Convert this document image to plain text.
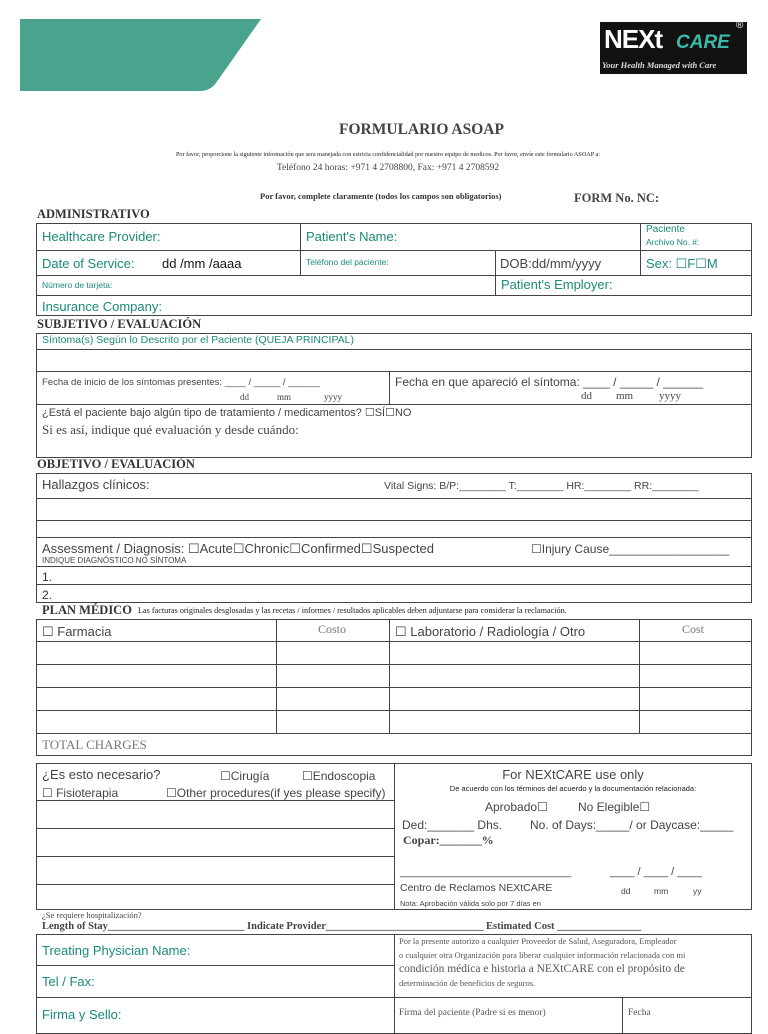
NEXt CARE
®
Your Health Managed with Care
FORMULARIO ASOAP
Por favor, proporcione la siguiente información que sera manejada con estricta confidencialidad por nuestro equipo de medicos. Por favor, envíe este formulario ASOAP a:
Teléfono 24 horas: +971 4 2708800, Fax: +971 4 2708592
Por favor, complete claramente (todos los campos son obligatorios)	FORM No. NC:
ADMINISTRATIVO
Healthcare Provider:	Patient's Name:	Paciente
Archivo No. #:
Date of Service: dd /mm /aaaa	Teléfono del paciente:	DOB:dd/mm/yyyy	Sex: ☐F☐M
Número de tarjeta:	Patient's Employer:
Insurance Company:
SUBJETIVO / EVALUACIÓN
Síntoma(s) Según lo Descrito por el Paciente (QUEJA PRINCIPAL)
Fecha de inicio de los síntomas presentes: ____ / _____ / ______
dd	mm	yyyy
Fecha en que apareció el síntoma: ____ / _____ / ______
dd mm yyyy
¿Está el paciente bajo algún tipo de tratamiento / medicamentos? ☐SÍ☐NO
Si es así, indique qué evaluación y desde cuándo:
OBJETIVO / EVALUACIÓN
Hallazgos clínicos:	Vital Signs: B/P:________ T:________ HR:________ RR:________
Assessment / Diagnosis: ☐Acute☐Chronic☐Confirmed☐Suspected	☐Injury Cause__________________
INDIQUE DIAGNÓSTICO NO SÍNTOMA
1.
2.
PLAN MÉDICO Las facturas originales desglosadas y las recetas / informes / resultados aplicables deben adjuntarse para considerar la reclamación.
☐ Farmacia	Costo	☐ Laboratorio / Radiología / Otro	Cost
TOTAL CHARGES
¿Es esto necesario?	☐Cirugía	☐Endoscopia
☐ Fisioterapia	☐Other procedures(if yes please specify)
For NEXtCARE use only
De acuerdo con los términos del acuerdo y la documentación relacionada:
Aprobado☐	No Elegible☐
Ded:_______ Dhs. No. of Days:_____/ or Daycase:_____
Copar:_______%
____________________________	____ / ____ / ____
Centro de Reclamos NEXtCARE	dd	mm	yy
Nota: Aprobación válida solo por 7 días en
¿Se requiere hospitalización?
Length of Stay__________________________ Indicate Provider______________________________ Estimated Cost ________________
Treating Physician Name:
Tel / Fax:
Firma y Sello:
Por la presente autorizo a cualquier Proveedor de Salud, Aseguradora, Empleador
o cualquier otra Organización para liberar cualquier información relacionada con mi
condición médica e historia a NEXtCARE con el propósito de
determinación de beneficios de seguros.
Firma del paciente (Padre si es menor)	Fecha
